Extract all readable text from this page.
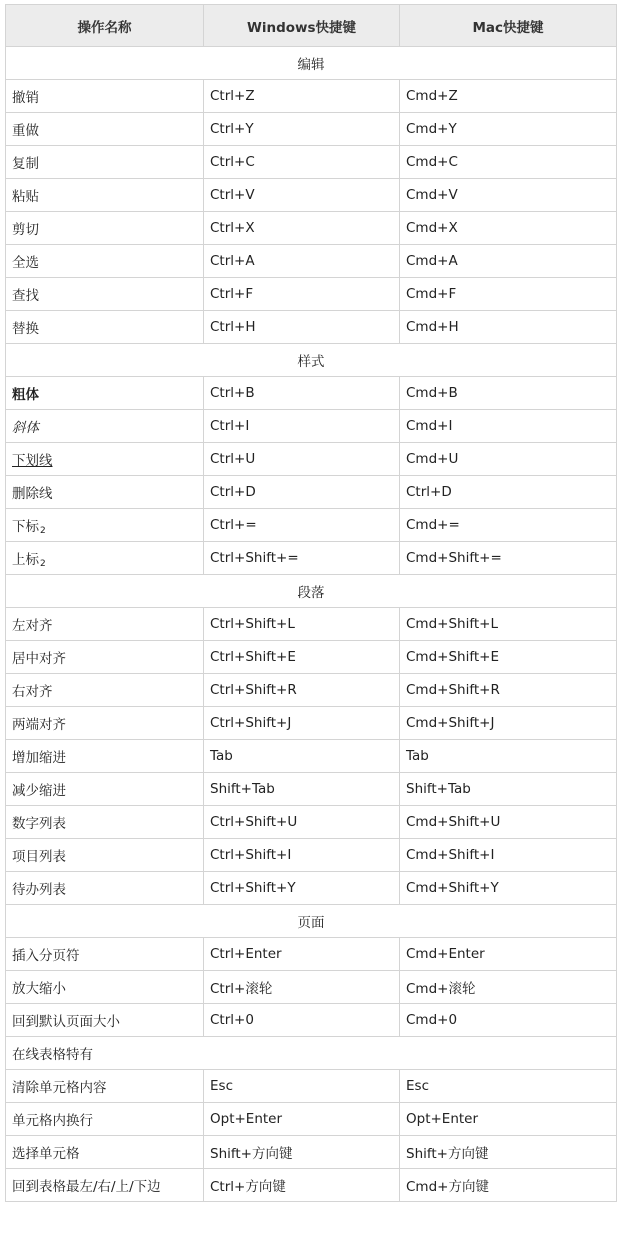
操作名称	Windows快捷键	Mac快捷键
编辑		
撤销	Ctrl+Z	Cmd+Z
重做	Ctrl+Y	Cmd+Y
复制	Ctrl+C	Cmd+C
粘贴	Ctrl+V	Cmd+V
剪切	Ctrl+X	Cmd+X
全选	Ctrl+A	Cmd+A
查找	Ctrl+F	Cmd+F
替换	Ctrl+H	Cmd+H
样式		
粗体	Ctrl+B	Cmd+B
斜体	Ctrl+I	Cmd+I
下划线	Ctrl+U	Cmd+U
删除线	Ctrl+D	Ctrl+D
下标$_2$	Ctrl+=	Cmd+=
上标$_2$	Ctrl+Shift+=	Cmd+Shift+=
段落		
左对齐	Ctrl+Shift+L	Cmd+Shift+L
居中对齐	Ctrl+Shift+E	Cmd+Shift+E
右对齐	Ctrl+Shift+R	Cmd+Shift+R
两端对齐	Ctrl+Shift+J	Cmd+Shift+J
增加缩进	Tab	Tab
减少缩进	Shift+Tab	Shift+Tab
数字列表	Ctrl+Shift+U	Cmd+Shift+U
项目列表	Ctrl+Shift+I	Cmd+Shift+I
待办列表	Ctrl+Shift+Y	Cmd+Shift+Y
页面		
插入分页符	Ctrl+Enter	Cmd+Enter
放大缩小	Ctrl+滚轮	Cmd+滚轮
回到默认页面大小	Ctrl+0	Cmd+0
在线表格特有		
清除单元格内容	Esc	Esc
单元格内换行	Opt+Enter	Opt+Enter
选择单元格	Shift+方向键	Shift+方向键
回到表格最左/右/上/下边	Ctrl+方向键	Cmd+方向键
